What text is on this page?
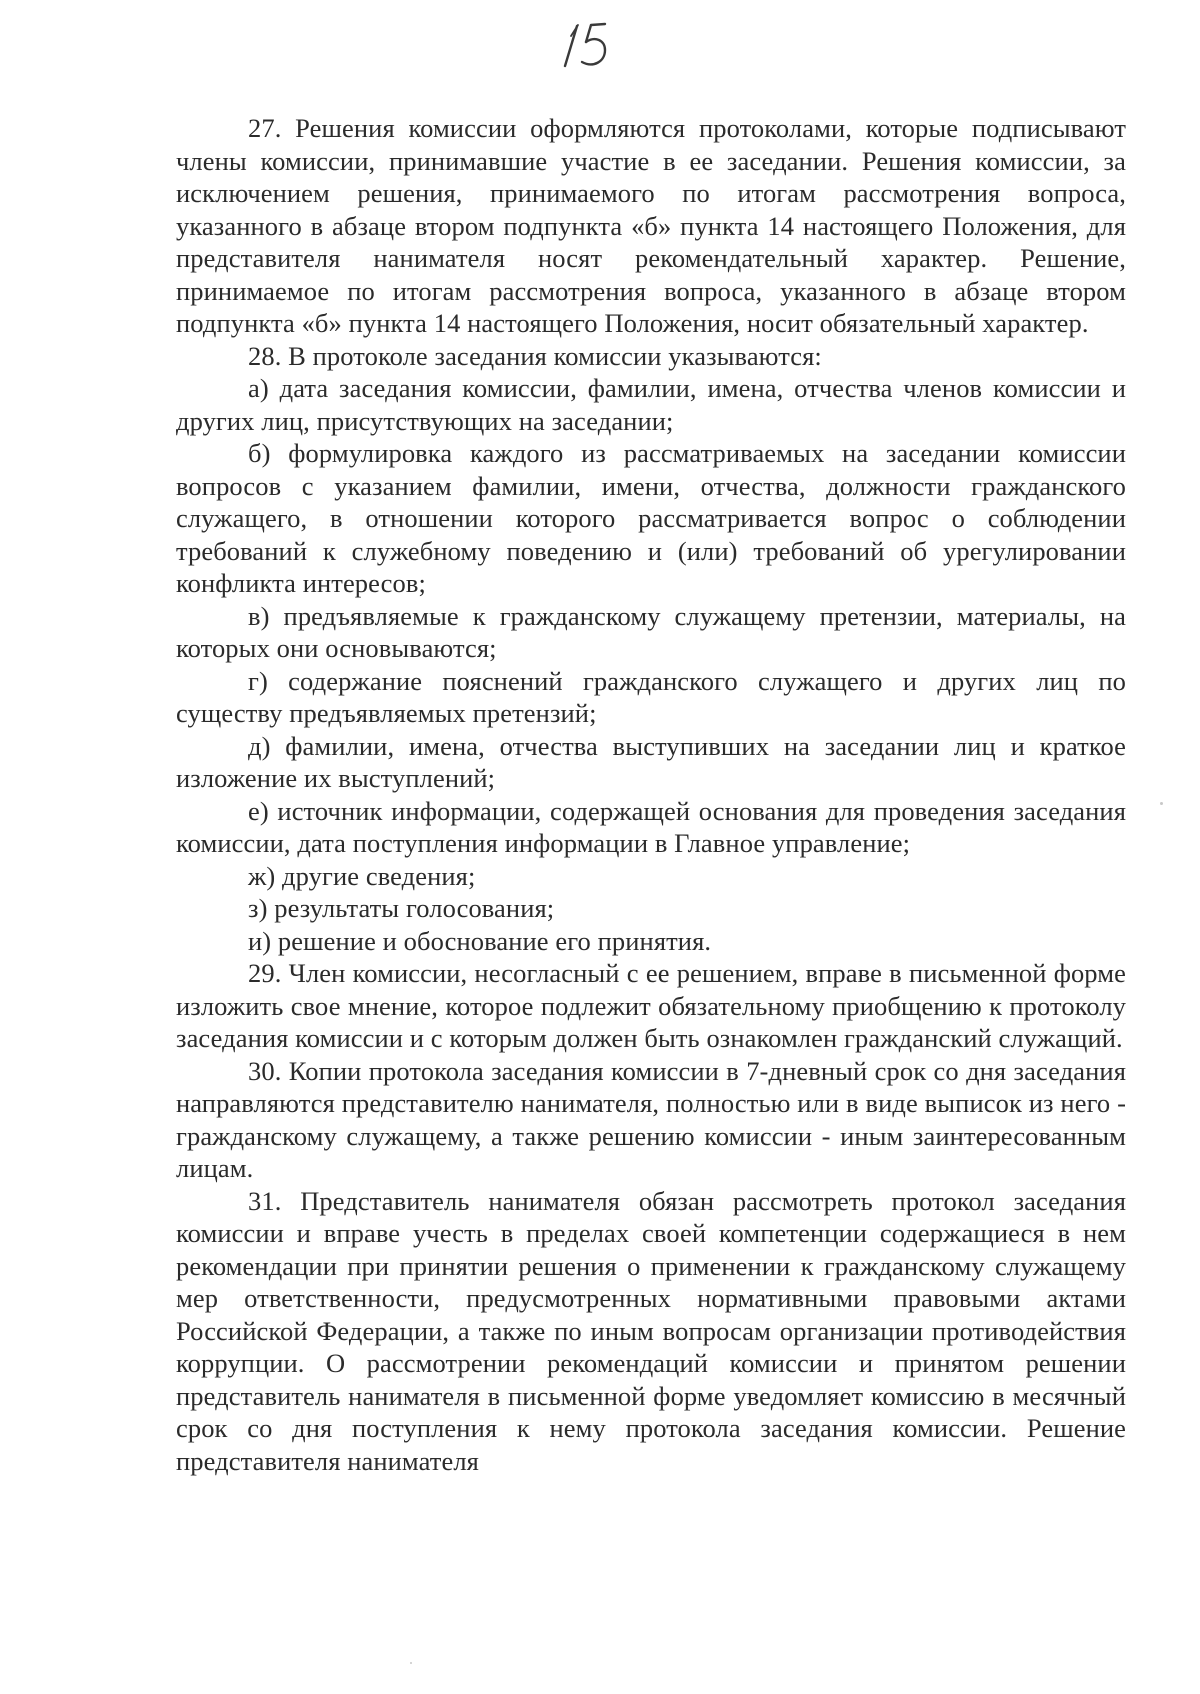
27. Решения комиссии оформляются протоколами, которые подписывают члены комиссии, принимавшие участие в ее заседании. Решения комиссии, за исключением решения, принимаемого по итогам рассмотрения вопроса, указанного в абзаце втором подпункта «б» пункта 14 настоящего Положения, для представителя нанимателя носят рекомендательный характер. Решение, принимаемое по итогам рассмотрения вопроса, указанного в абзаце втором подпункта «б» пункта 14 настоящего Положения, носит обязательный характер.

28. В протоколе заседания комиссии указываются:

а) дата заседания комиссии, фамилии, имена, отчества членов комиссии и других лиц, присутствующих на заседании;

б) формулировка каждого из рассматриваемых на заседании комиссии вопросов с указанием фамилии, имени, отчества, должности гражданского служащего, в отношении которого рассматривается вопрос о соблюдении требований к служебному поведению и (или) требований об урегулировании конфликта интересов;

в) предъявляемые к гражданскому служащему претензии, материалы, на которых они основываются;

г) содержание пояснений гражданского служащего и других лиц по существу предъявляемых претензий;

д) фамилии, имена, отчества выступивших на заседании лиц и краткое изложение их выступлений;

е) источник информации, содержащей основания для проведения заседания комиссии, дата поступления информации в Главное управление;

ж) другие сведения;

з) результаты голосования;

и) решение и обоснование его принятия.

29. Член комиссии, несогласный с ее решением, вправе в письменной форме изложить свое мнение, которое подлежит обязательному приобщению к протоколу заседания комиссии и с которым должен быть ознакомлен гражданский служащий.

30. Копии протокола заседания комиссии в 7-дневный срок со дня заседания направляются представителю нанимателя, полностью или в виде выписок из него - гражданскому служащему, а также решению комиссии - иным заинтересованным лицам.

31. Представитель нанимателя обязан рассмотреть протокол заседания комиссии и вправе учесть в пределах своей компетенции содержащиеся в нем рекомендации при принятии решения о применении к гражданскому служащему мер ответственности, предусмотренных нормативными правовыми актами Российской Федерации, а также по иным вопросам организации противодействия коррупции. О рассмотрении рекомендаций комиссии и принятом решении представитель нанимателя в письменной форме уведомляет комиссию в месячный срок со дня поступления к нему протокола заседания комиссии. Решение представителя нанимателя
